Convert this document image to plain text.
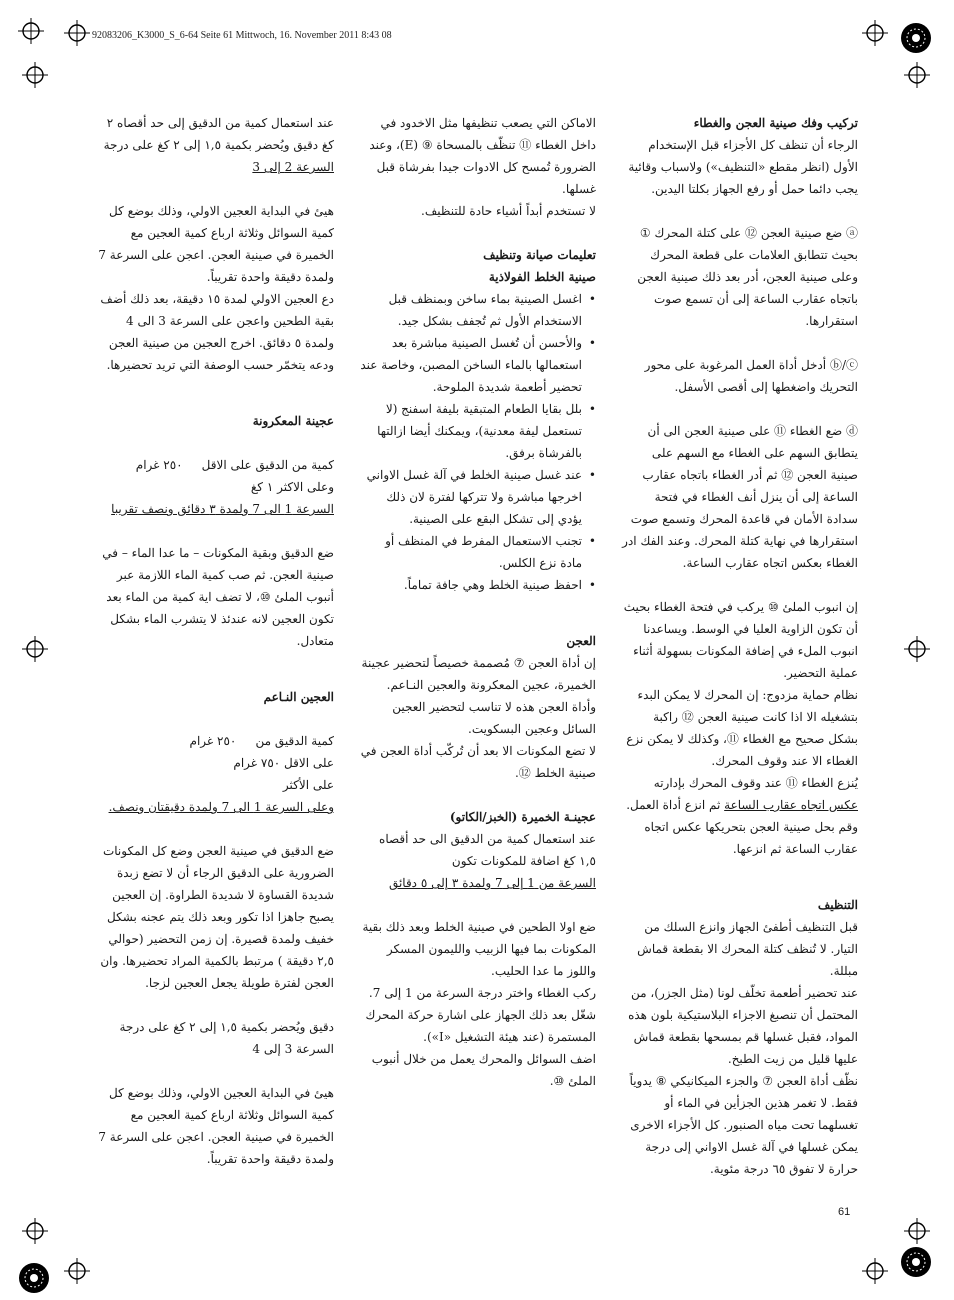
92083206_K3000_S_6-64 Seite 61 Mittwoch, 16. November 2011 8:43 08

تركيب وفك صينية العجن والغطاء

الرجاء أن تنظف كل الأجزاء قبل الإستخدام الأول (انظر مقطع «التنظيف») ولاسباب وقائية يجب دائما حمل أو رفع الجهاز بكلتا اليدين.

ⓐ ضع صينية العجن ⑫ على كتلة المحرك ① بحيث تتطابق العلامات على قطعة المحرك وعلى صينية العجن، أدر بعد ذلك صينية العجن باتجاه عقارب الساعة إلى أن تسمع صوت استقرارها.

ⓑ/ⓒ أدخل أداة العمل المرغوبة على محور التحريك واضغطها إلى أقصى الأسفل.

ⓓ ضع الغطاء ⑪ على صينية العجن الى أن يتطابق السهم على الغطاء مع السهم على صينية العجن ⑫ ثم أدر الغطاء باتجاه عقارب الساعة إلى أن ينزل أنف الغطاء في فتحة سدادة الأمان في قاعدة المحرك وتسمع صوت استقرارها في نهاية كتلة المحرك. وعند الفك ادر الغطاء بعكس اتجاه عقارب الساعة.

إن انبوب الملئ ⑩ يركب في فتحة الغطاء بحيث أن تكون الزاوية العليا في الوسط. ويساعدنا انبوب الملء في إضافة المكونات بسهولة أثناء عملية التحضير.

نظام حماية مزدوج: إن المحرك لا يمكن البدء بتشغيله الا اذا كانت صينية العجن ⑫ راكبة بشكل صحيح مع الغطاء ⑪، وكذلك لا يمكن نزع الغطاء الا عند وقوف المحرك.

يُنزع الغطاء ⑪ عند وقوف المحرك بإدارته عكس اتجاه عقارب الساعة ثم انزع أداة العمل. وقم بحل صينية العجن بتحريكها عكس اتجاه عقارب الساعة ثم انزعها.

التنظيف

قبل التنظيف أطفئ الجهاز وانزع السلك من التيار. لا تُنظف كتلة المحرك الا بقطعة قماش مبللة.

عند تحضير أطعمة تخلّف لونا (مثل الجزر)، من المحتمل أن تنصبغ الاجزاء البلاستيكية بلون هذه المواد، فقبل غسلها قم بمسحها بقطعة قماش عليها قليل من زيت الطبخ.

نظّف أداة العجن ⑦ والجزء الميكانيكي ⑧ يدوياً فقط. لا تغمر هذين الجزأين في الماء أو تغسلهما تحت مياه الصنبور. كل الأجزاء الاخرى يمكن غسلها في آلة غسل الاواني إلى درجة حرارة لا تفوق ٦٥ درجة مئوية.

الاماكن التي يصعب تنظيفها مثل الاخدود في داخل الغطاء ⑪ تنظّف بالمسحاة ⑨ (E)، وعند الضرورة تُمسح كل الادوات جيدا بفرشاة قبل غسلها.

لا تستخدم أبداً أشياء حادة للتنظيف.

تعليمات صيانة وتنظيف

صينية الخلط الفولاذية

• اغسل الصينية بماء ساخن وبمنظف قبل الاستخدام الأول ثم تُجفف بشكل جيد.
• والأحسن أن تُغسل الصينية مباشرة بعد استعمالها بالماء الساخن المصبن، وخاصة عند تحضير أطعمة شديدة الملوحة.
• بلل بقايا الطعام المتبقية بليفة اسفنج (لا تستعمل ليفة معدنية)، ويمكنك أيضا ازالتها بالفرشاة برفق.
• عند غسل صينية الخلط في آلة غسل الاواني اخرجها مباشرة ولا تتركها لفترة لان ذلك يؤدي إلى تشكل البقع على الصينية.
• تجنب الاستعمال المفرط في المنظف أو مادة نزع الكلس.
• احفظ صينية الخلط وهي جافة تماماً.

العجن

إن أداة العجن ⑦ مُصممة خصيصاً لتحضير عجينة الخميرة، عجين المعكرونة والعجين النـاعم. وأداة العجن هذه لا تناسب لتحضير العجين السائل وعجين البسكويت.

لا تضع المكونات الا بعد أن تُركّب أداة العجن في صينية الخلط ⑫.

عجينـة الخميرة (الخبز/الكاتو)

عند استعمال كمية من الدقيق الى حد أقصاه ١,٥ كغ اضافة للمكونات تكون

السرعة من 1 إلى 7 ولمدة ٣ إلى ٥ دقائق

ضع اولا الطحين في صينية الخلط وبعد ذلك بقية المكونات بما فيها الزبيب والليمون المسكر واللوز ما عدا الحليب.

ركب الغطاء واختر درجة السرعة من 1 إلى 7. شغّل بعد ذلك الجهاز على اشارة حركة المحرك المستمرة (عند هيئة التشغيل «I»).

اضف السوائل والمحرك يعمل من خلال أنبوب الملئ ⑩.

عند استعمال كمية من الدقيق إلى حد أقصاه ٢ كغ دقيق ويُحضر بكمية ١,٥ إلى ٢ كغ على درجة

السرعة 2 إلى 3

هيئ في البداية العجين الاولي، وذلك بوضع كل كمية السوائل وثلاثة ارباع كمية العجين مع الخميرة في صينية العجن. اعجن على السرعة 7 ولمدة دقيقة واحدة تقريباً.

دع العجين الاولي لمدة ١٥ دقيقة، بعد ذلك أضف بقية الطحين واعجن على السرعة 3 الى 4 ولمدة ٥ دقائق. اخرج العجين من صينية العجن ودعه يتخمّر حسب الوصفة التي تريد تحضيرها.

عجينة المعكرونة

كمية من الدقيق على الاقل     ٢٥٠ غرام

وعلى الاكثر ١ كغ

السرعة 1 الى 7 ولمدة ٣ دقائق ونصف تقريبا

ضع الدقيق وبقية المكونات – ما عدا الماء – في صينية العجن. ثم صب كمية الماء اللازمة عبر أنبوب الملئ ⑩، لا تضف اية كمية من الماء بعد تكون العجين لانه عندئذ لا يتشرب الماء بشكل متعادل.

العجين النـاعم

كمية الدقيق من     ٢٥٠ غرام

على الاقل ٧٥٠ غرام

على الأكثر

وعلى السرعة 1 الى 7 ولمدة دقيقتان ونصف.

ضع الدقيق في صينية العجن وضع كل المكونات الضرورية على الدقيق الرجاء أن لا تضع زبدة شديدة القساوة لا شديدة الطراوة. إن العجين يصبح جاهزا اذا تكور وبعد ذلك يتم عجنه بشكل خفيف ولمدة قصيرة. إن زمن التحضير (حوالي ٢,٥ دقيقة ) مرتبط بالكمية المراد تحضيرها. وان العجن لفترة طويلة يجعل العجين لزجا.

دقيق ويُحضر بكمية ١,٥ إلى ٢ كغ على درجة السرعة 3 إلى 4

هيئ في البداية العجين الاولي، وذلك بوضع كل كمية السوائل وثلاثة ارباع كمية العجين مع الخميرة في صينية العجن. اعجن على السرعة 7 ولمدة دقيقة واحدة تقريباً.

61
